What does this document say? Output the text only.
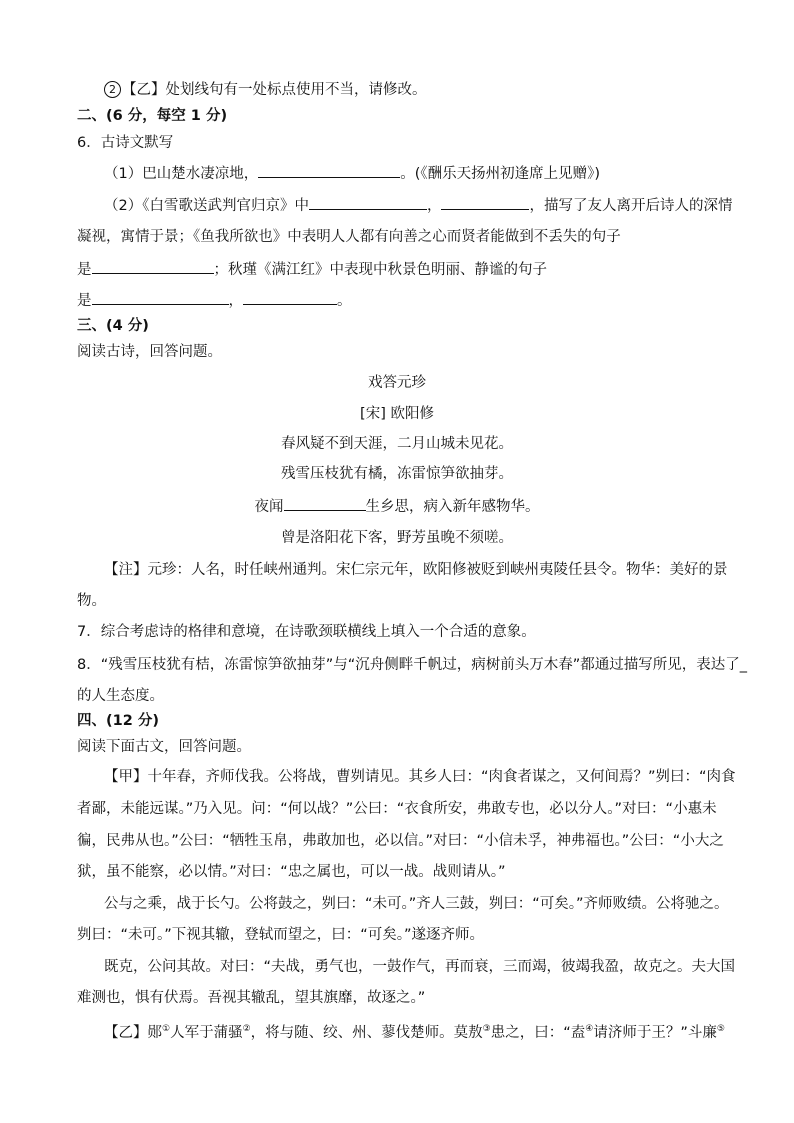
2 【乙】处划线句有一处标点使用不当，请修改。
二、(6 分，每空 1 分)
6．古诗文默写
（1）巴山楚水凄凉地，	。(《酬乐天扬州初逢席上见赠》)
（2）《白雪歌送武判官归京》中	，	，描写了友人离开后诗人的深情
凝视，寓情于景；《鱼我所欲也》中表明人人都有向善之心而贤者能做到不丢失的句子
是	；秋瑾《满江红》中表现中秋景色明丽、静谧的句子
是	，	。
三、(4 分)
阅读古诗，回答问题。
戏答元珍
[宋] 欧阳修
春风疑不到天涯，二月山城未见花。
残雪压枝犹有橘，冻雷惊笋欲抽芽。
夜闻	生乡思，病入新年感物华。
曾是洛阳花下客，野芳虽晚不须嗟。
【注】元珍：人名，时任峡州通判。宋仁宗元年，欧阳修被贬到峡州夷陵任县令。物华：美好的景
物。
7．综合考虑诗的格律和意境，在诗歌颈联横线上填入一个合适的意象。
8．“残雪压枝犹有桔，冻雷惊笋欲抽芽”与“沉舟侧畔千帆过，病树前头万木春”都通过描写所见，表达了_
的人生态度。
四、(12 分)
阅读下面古文，回答问题。
【甲】十年春，齐师伐我。公将战，曹刿请见。其乡人曰：“肉食者谋之，又何间焉？”刿曰：“肉食
者鄙，未能远谋。”乃入见。问：“何以战？”公曰：“衣食所安，弗敢专也，必以分人。”对曰：“小惠未
徧，民弗从也。”公曰：“牺牲玉帛，弗敢加也，必以信。”对曰：“小信未孚，神弗福也。”公曰：“小大之
狱，虽不能察，必以情。”对曰：“忠之属也，可以一战。战则请从。”
公与之乘，战于长勺。公将鼓之，刿曰：“未可。”齐人三鼓，刿曰：“可矣。”齐师败绩。公将驰之。
刿曰：“未可。”下视其辙，登轼而望之，曰：“可矣。”遂逐齐师。
既克，公问其故。对曰：“夫战，勇气也，一鼓作气，再而衰，三而竭，彼竭我盈，故克之。夫大国
难测也，惧有伏焉。吾视其辙乱，望其旗靡，故逐之。”
【乙】郧①人军于蒲骚②，将与随、绞、州、蓼伐楚师。莫敖③患之，曰：“盍④请济师于王？”斗廉⑤
